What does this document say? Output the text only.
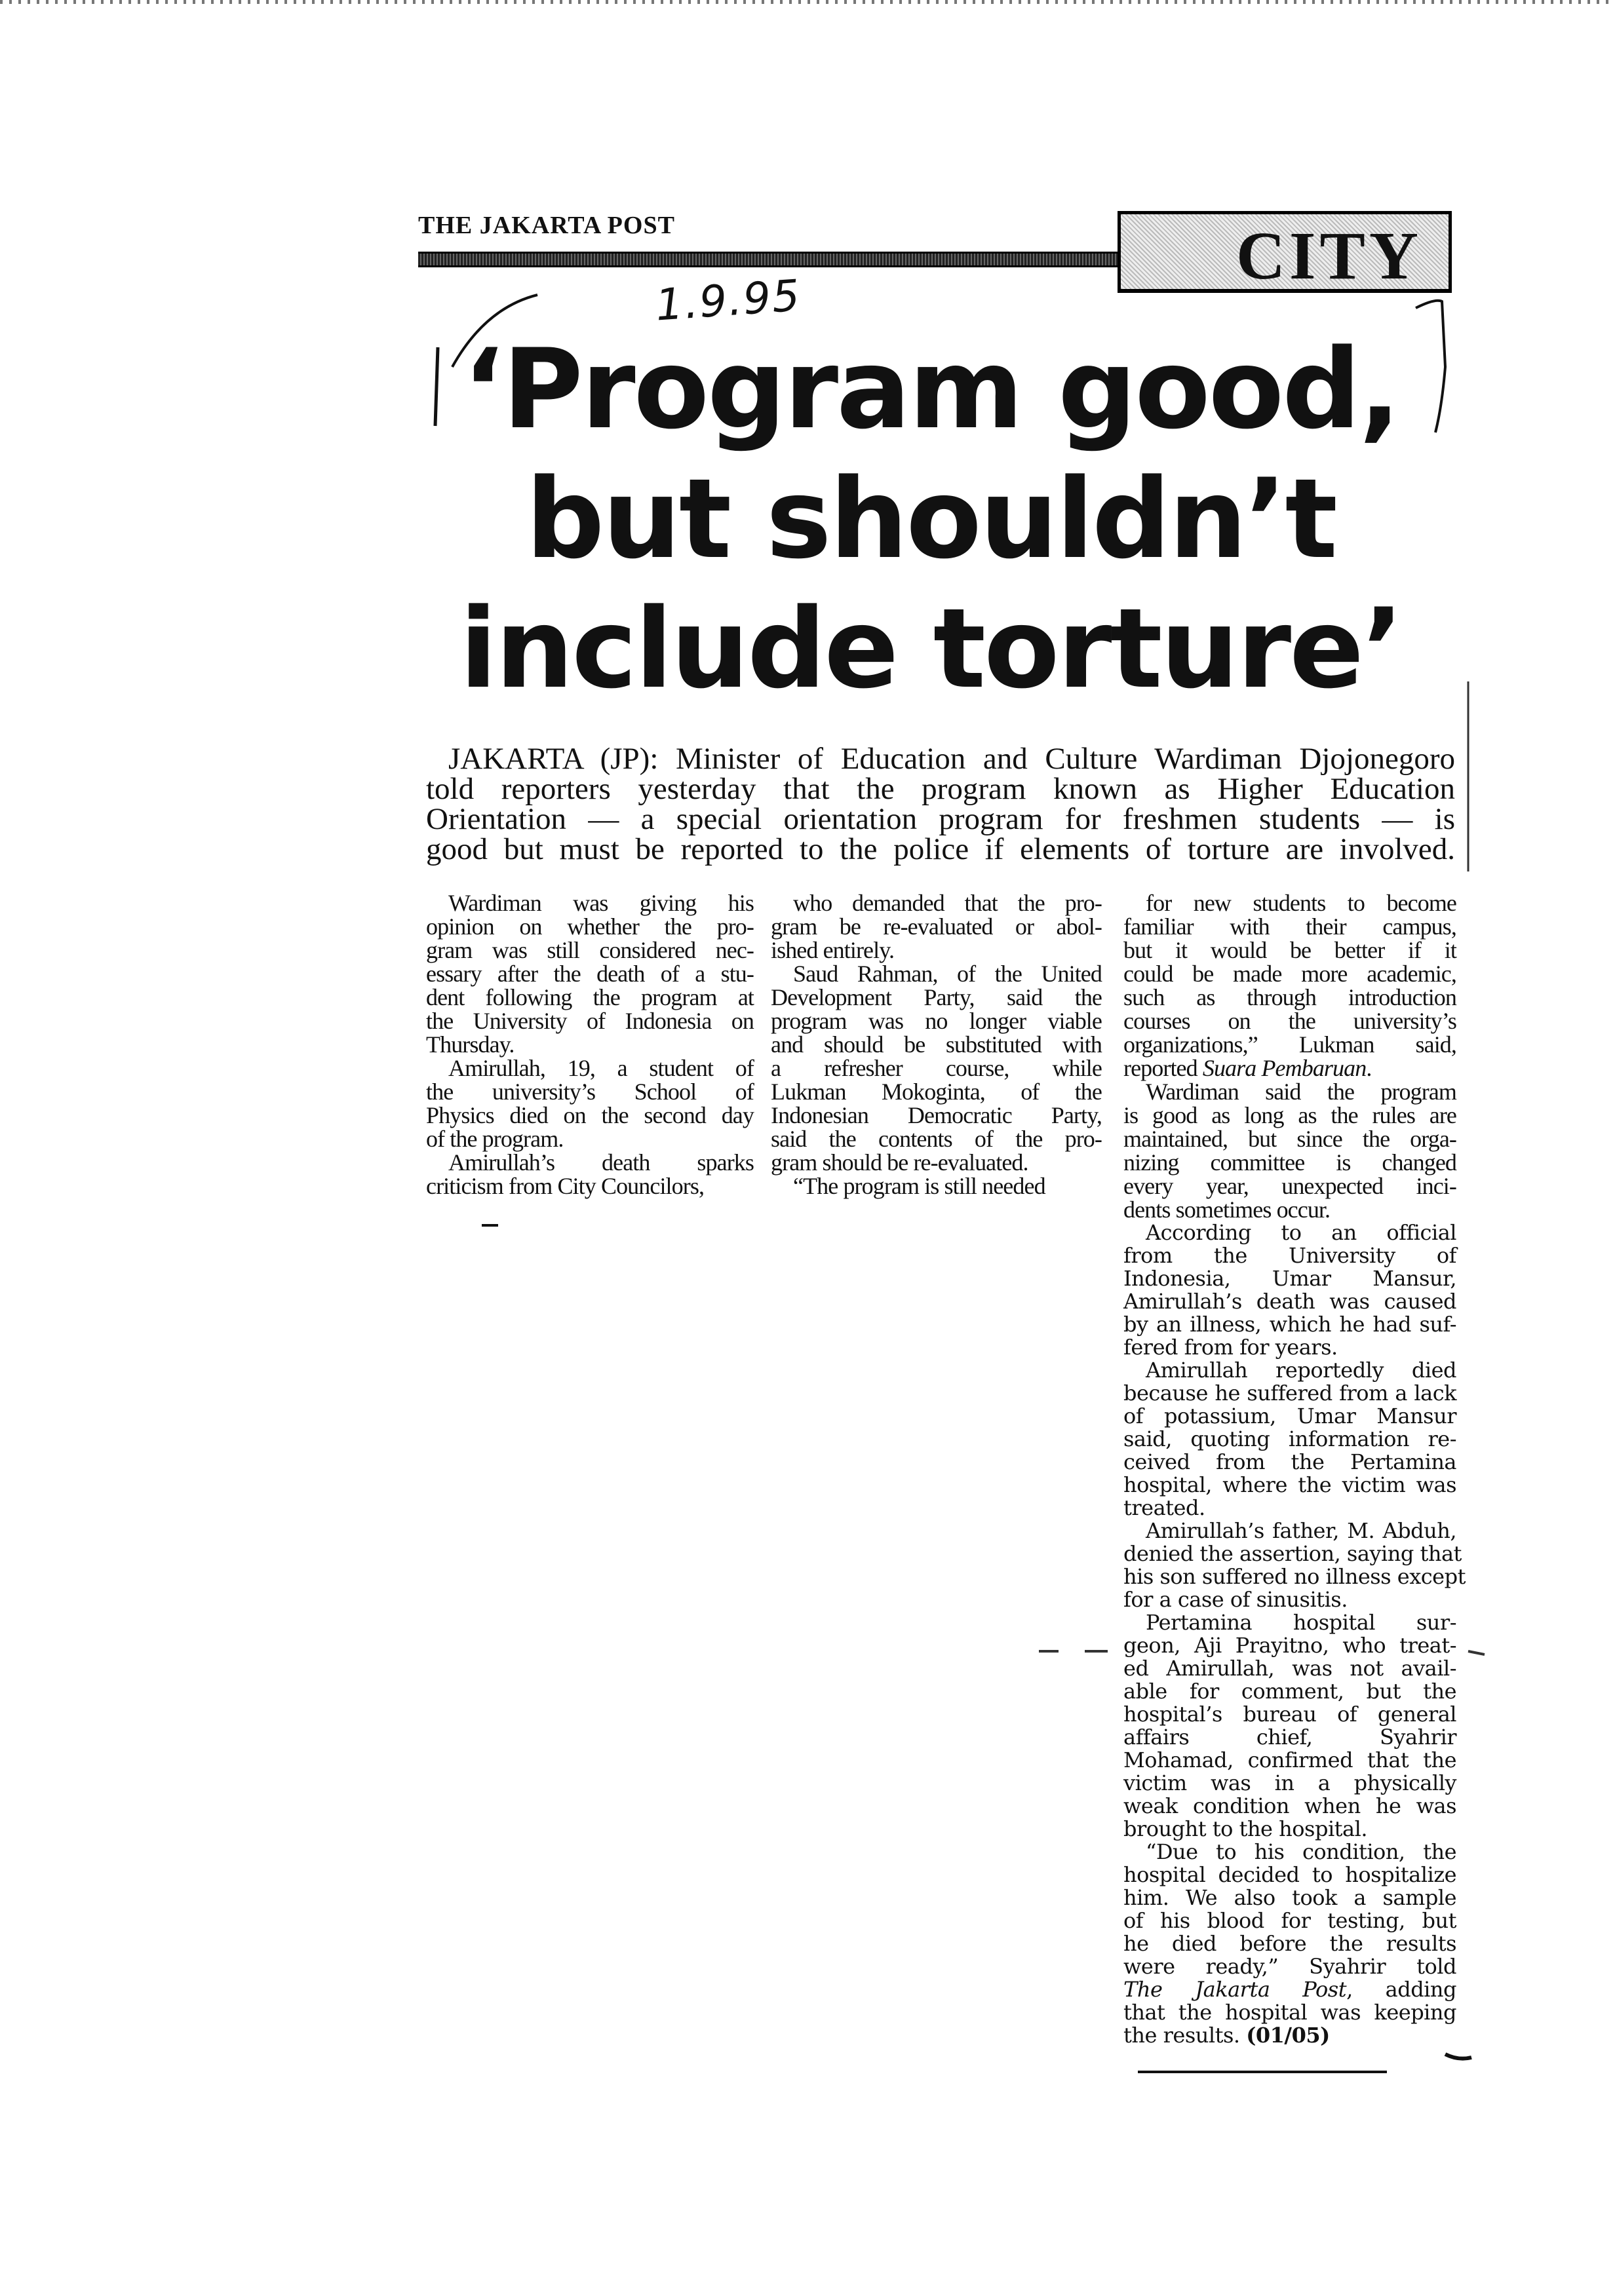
THE JAKARTA POST	CITY
1.9.95
‘Program good,
but shouldn’t
include torture’
JAKARTA (JP): Minister of Education and Culture Wardiman Djojonegoro
told reporters yesterday that the program known as Higher Education
Orientation — a special orientation program for freshmen students — is
good but must be reported to the police if elements of torture are involved.
Wardiman was giving his
opinion on whether the pro-
gram was still considered nec-
essary after the death of a stu-
dent following the program at
the University of Indonesia on
Thursday.
Amirullah, 19, a student of
the university’s School of
Physics died on the second day
of the program.
Amirullah’s death sparks
criticism from City Councilors,
who demanded that the pro-
gram be re-evaluated or abol-
ished entirely.
Saud Rahman, of the United
Development Party, said the
program was no longer viable
and should be substituted with
a refresher course, while
Lukman Mokoginta, of the
Indonesian Democratic Party,
said the contents of the pro-
gram should be re-evaluated.
“The program is still needed
for new students to become
familiar with their campus,
but it would be better if it
could be made more academic,
such as through introduction
courses on the university’s
organizations,” Lukman said,
reported Suara Pembaruan.
Wardiman said the program
is good as long as the rules are
maintained, but since the orga-
nizing committee is changed
every year, unexpected inci-
dents sometimes occur.
According to an official
from the University of
Indonesia, Umar Mansur,
Amirullah’s death was caused
by an illness, which he had suf-
fered from for years.
Amirullah reportedly died
because he suffered from a lack
of potassium, Umar Mansur
said, quoting information re-
ceived from the Pertamina
hospital, where the victim was
treated.
Amirullah’s father, M. Abduh,
denied the assertion, saying that
his son suffered no illness except
for a case of sinusitis.
Pertamina hospital sur-
geon, Aji Prayitno, who treat-
ed Amirullah, was not avail-
able for comment, but the
hospital’s bureau of general
affairs chief, Syahrir
Mohamad, confirmed that the
victim was in a physically
weak condition when he was
brought to the hospital.
“Due to his condition, the
hospital decided to hospitalize
him. We also took a sample
of his blood for testing, but
he died before the results
were ready,” Syahrir told
The Jakarta Post, adding
that the hospital was keeping
the results. (01/05)
